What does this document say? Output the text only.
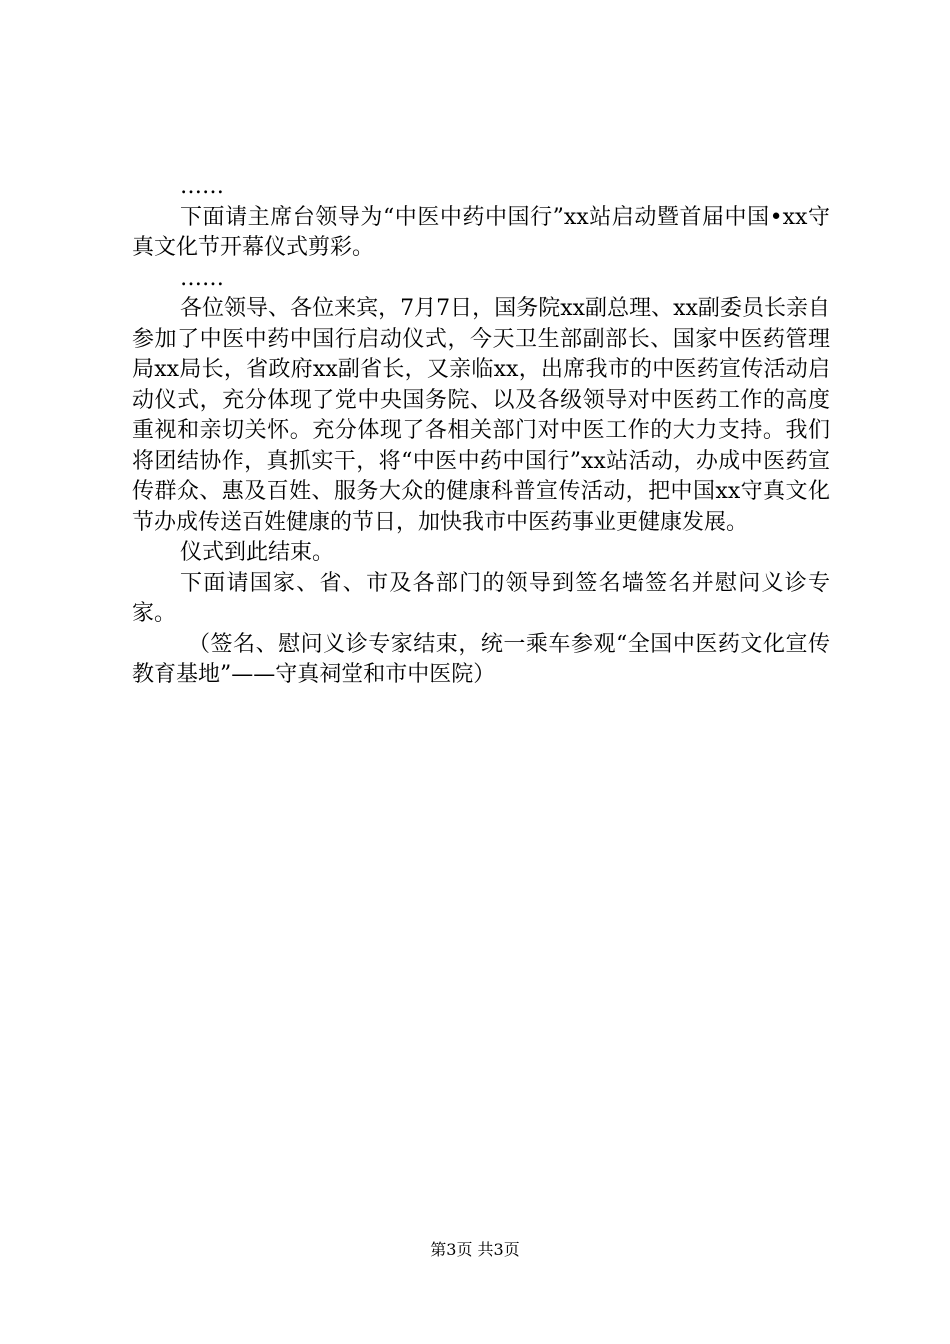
……

下面请主席台领导为“中医中药中国行”xx站启动暨首届中国•xx守真文化节开幕仪式剪彩。

……

各位领导、各位来宾，7月7日，国务院xx副总理、xx副委员长亲自参加了中医中药中国行启动仪式，今天卫生部副部长、国家中医药管理局xx局长，省政府xx副省长，又亲临xx，出席我市的中医药宣传活动启动仪式，充分体现了党中央国务院、以及各级领导对中医药工作的高度重视和亲切关怀。充分体现了各相关部门对中医工作的大力支持。我们将团结协作，真抓实干，将“中医中药中国行”xx站活动，办成中医药宣传群众、惠及百姓、服务大众的健康科普宣传活动，把中国xx守真文化节办成传送百姓健康的节日，加快我市中医药事业更健康发展。

仪式到此结束。

下面请国家、省、市及各部门的领导到签名墙签名并慰问义诊专家。

（签名、慰问义诊专家结束，统一乘车参观“全国中医药文化宣传教育基地”——守真祠堂和市中医院）

第3页 共3页
